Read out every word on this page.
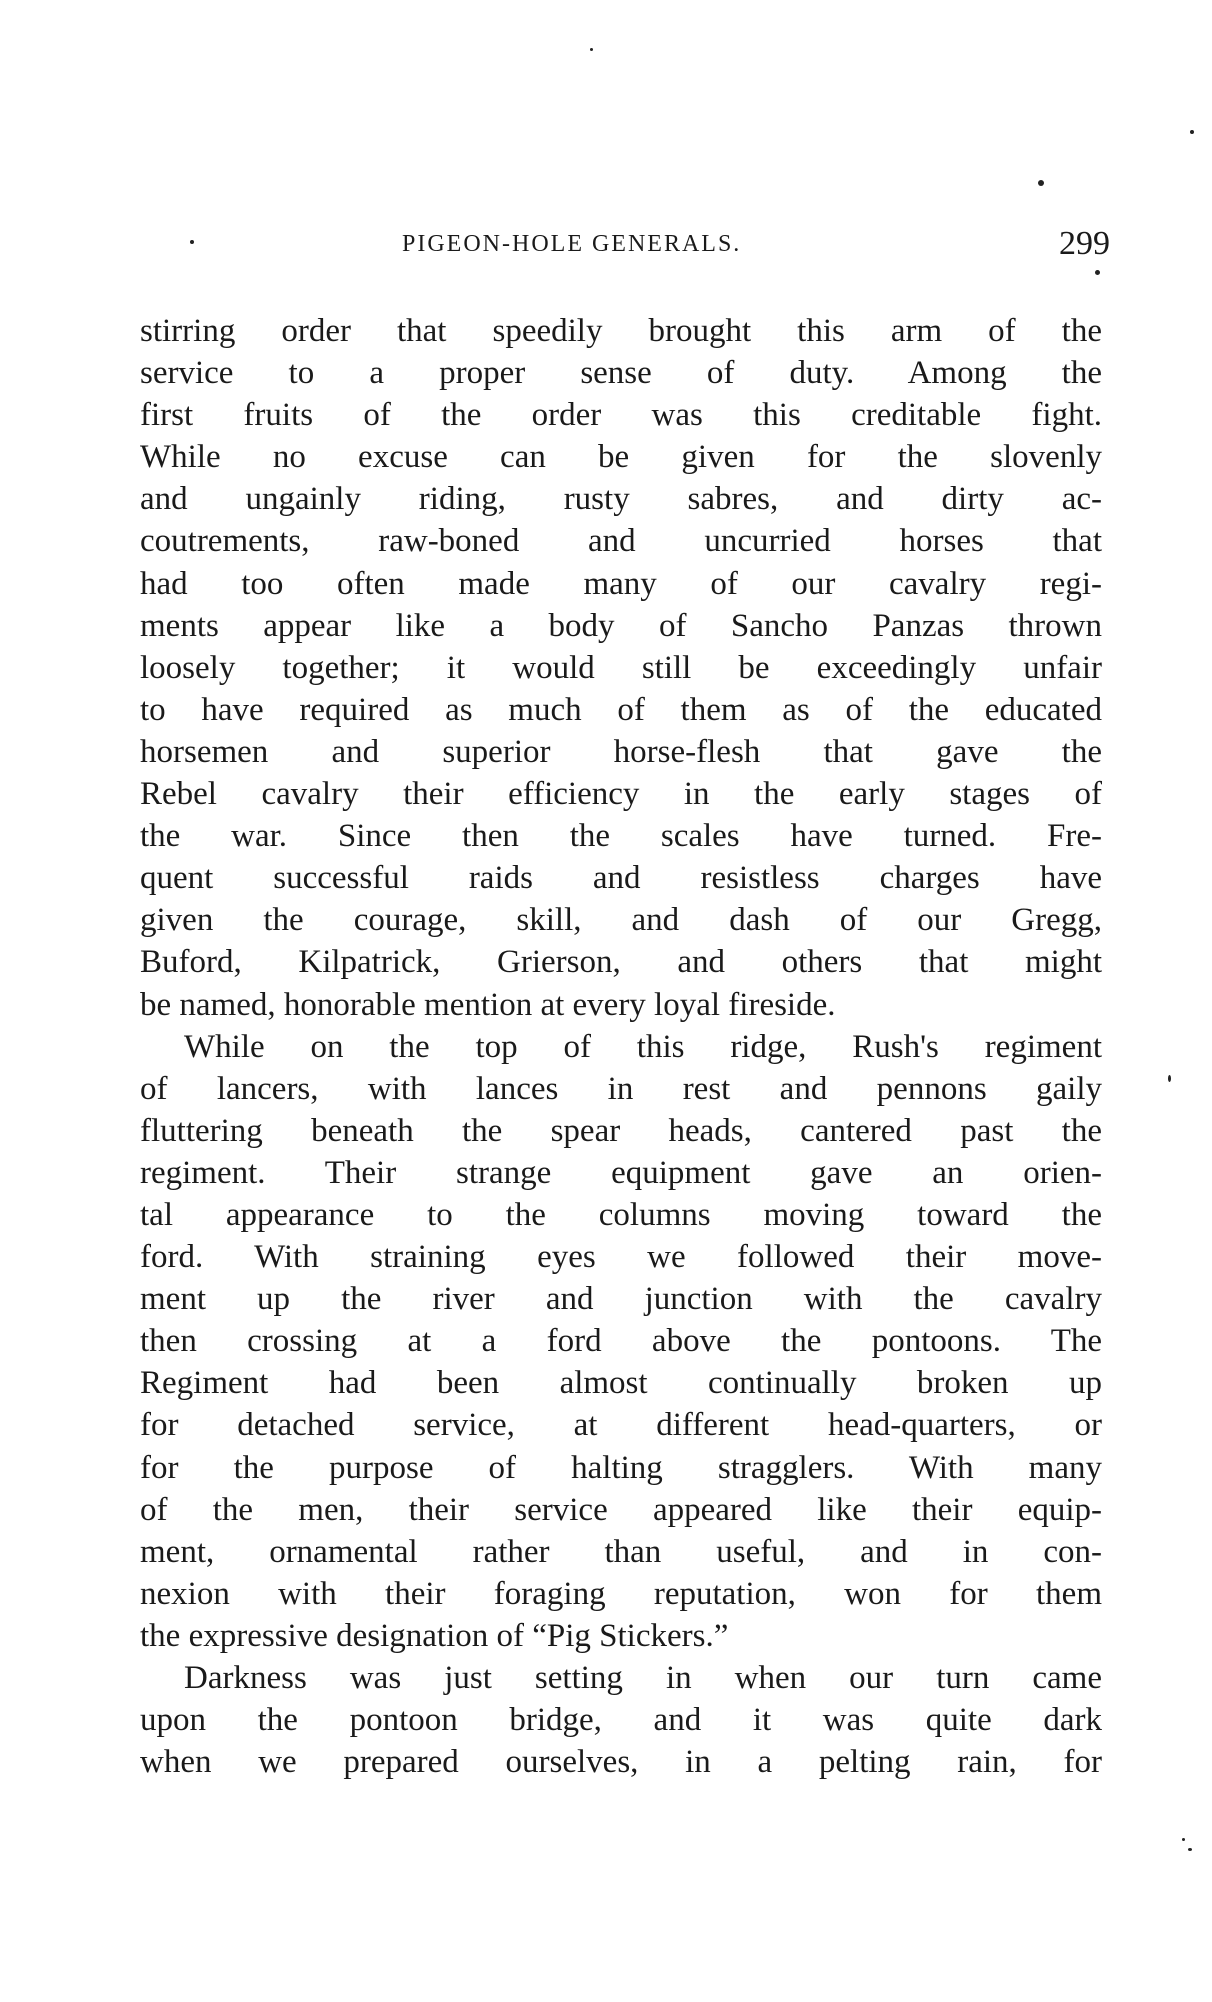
PIGEON-HOLE GENERALS.	299
stirring order that speedily brought this arm of the
service to a proper sense of duty. Among the
first fruits of the order was this creditable fight.
While no excuse can be given for the slovenly
and ungainly riding, rusty sabres, and dirty ac-
coutrements, raw-boned and uncurried horses that
had too often made many of our cavalry regi-
ments appear like a body of Sancho Panzas thrown
loosely together; it would still be exceedingly unfair
to have required as much of them as of the educated
horsemen and superior horse-flesh that gave the
Rebel cavalry their efficiency in the early stages of
the war. Since then the scales have turned. Fre-
quent successful raids and resistless charges have
given the courage, skill, and dash of our Gregg,
Buford, Kilpatrick, Grierson, and others that might
be named, honorable mention at every loyal fireside.
While on the top of this ridge, Rush's regiment
of lancers, with lances in rest and pennons gaily
fluttering beneath the spear heads, cantered past the
regiment. Their strange equipment gave an orien-
tal appearance to the columns moving toward the
ford. With straining eyes we followed their move-
ment up the river and junction with the cavalry
then crossing at a ford above the pontoons. The
Regiment had been almost continually broken up
for detached service, at different head-quarters, or
for the purpose of halting stragglers. With many
of the men, their service appeared like their equip-
ment, ornamental rather than useful, and in con-
nexion with their foraging reputation, won for them
the expressive designation of “Pig Stickers.”
Darkness was just setting in when our turn came
upon the pontoon bridge, and it was quite dark
when we prepared ourselves, in a pelting rain, for
